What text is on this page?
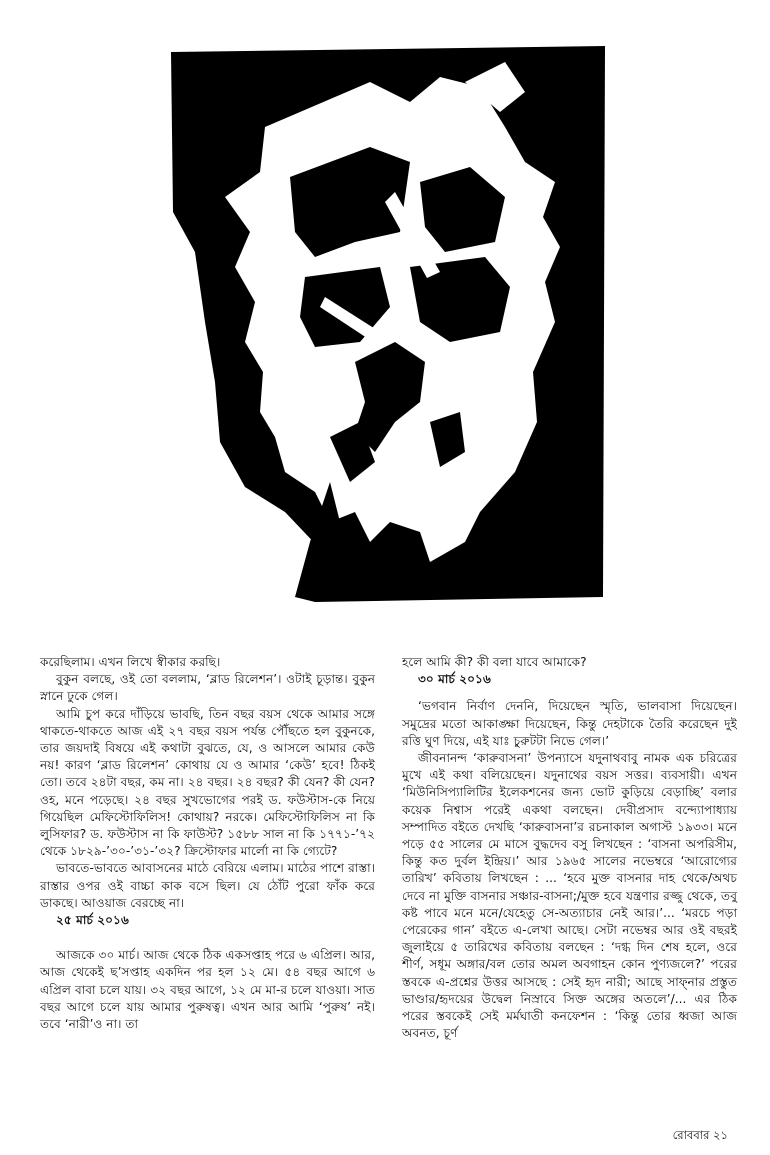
করেছিলাম। এখন লিখে স্বীকার করছি।

বুকুন বলছে, ওই তো বললাম, ‘ব্লাড রিলেশন’। ওটাই চূড়ান্ত। বুকুন স্নানে ঢুকে গেল।

আমি চুপ করে দাঁড়িয়ে ভাবছি, তিন বছর বয়স থেকে আমার সঙ্গে থাকতে-থাকতে আজ এই ২৭ বছর বয়স পর্যন্ত পৌঁছতে হল বুকুনকে, তার জয়দাই বিষয়ে এই কথাটা বুঝতে, যে, ও আসলে আমার কেউ নয়! কারণ ‘ব্লাড রিলেশন’ কোথায় যে ও আমার ‘কেউ’ হবে! ঠিকই তো। তবে ২৪টা বছর, কম না। ২৪ বছর। ২৪ বছর? কী যেন? কী যেন? ওহ, মনে পড়েছে। ২৪ বছর সুখভোগের পরই ড. ফউস্টাস-কে নিয়ে গিয়েছিল মেফিস্টোফিলিস! কোথায়? নরকে। মেফিস্টোফিলিস না কি লুসিফার? ড. ফউস্টাস না কি ফাউস্ট? ১৫৮৮ সাল না কি ১৭৭১-’৭২ থেকে ১৮২৯-’৩০-’৩১-’৩২? ক্রিস্টোফার মার্লো না কি গ্যেটে?

ভাবতে-ভাবতে আবাসনের মাঠে বেরিয়ে এলাম। মাঠের পাশে রাস্তা। রাস্তার ওপর ওই বাচ্চা কাক বসে ছিল। যে ঠোঁট পুরো ফাঁক করে ডাকছে। আওয়াজ বেরচ্ছে না।

২৫ মার্চ ২০১৬

আজকে ৩০ মার্চ। আজ থেকে ঠিক একসপ্তাহ পরে ৬ এপ্রিল। আর, আজ থেকেই ছ’সপ্তাহ একদিন পর হল ১২ মে। ৫৪ বছর আগে ৬ এপ্রিল বাবা চলে যায়। ৩২ বছর আগে, ১২ মে মা-র চলে যাওয়া। সাত বছর আগে চলে যায় আমার পুরুষত্ব। এখন আর আমি ‘পুরুষ’ নই। তবে ‘নারী’ও না। তা

হলে আমি কী? কী বলা যাবে আমাকে?

৩০ মার্চ ২০১৬

‘ভগবান নির্বাণ দেননি, দিয়েছেন স্মৃতি, ভালবাসা দিয়েছেন। সমুদ্রের মতো আকাঙ্ক্ষা দিয়েছেন, কিন্তু দেহটাকে তৈরি করেছেন দুই রত্তি ঘুণ দিয়ে, এই যাঃ চুরুটটা নিভে গেল।’

জীবনানন্দ ‘কারুবাসনা’ উপন্যাসে যদুনাথবাবু নামক এক চরিত্রের মুখে এই কথা বলিয়েছেন। যদুনাথের বয়স সত্তর। ব্যবসায়ী। এখন ‘মিউনিসিপ্যালিটির ইলেকশনের জন্য ভোট কুড়িয়ে বেড়াচ্ছি’ বলার কয়েক নিশ্বাস পরেই একথা বলছেন। দেবীপ্রসাদ বন্দ্যোপাধ্যায় সম্পাদিত বইতে দেখছি ‘কারুবাসনা’র রচনাকাল অগাস্ট ১৯৩৩। মনে পড়ে ৫৫ সালের মে মাসে বুদ্ধদেব বসু লিখছেন : ‘বাসনা অপরিসীম, কিন্তু কত দুর্বল ইন্দ্রিয়।’ আর ১৯৬৫ সালের নভেম্বরে ‘আরোগ্যের তারিখ’ কবিতায় লিখছেন : ... ‘হবে মুক্ত বাসনার দাহ থেকে/অথচ দেবে না মুক্তি বাসনার সঞ্চার-বাসনা;/মুক্ত হবে যন্ত্রণার রজ্জু থেকে, তবু কষ্ট পাবে মনে মনে/যেহেতু সে-অত্যাচার নেই আর।’... ‘মরচে পড়া পেরেকের গান’ বইতে এ-লেখা আছে। সেটা নভেম্বর আর ওই বছরই জুলাইয়ে ৫ তারিখের কবিতায় বলছেন : ‘দগ্ধ দিন শেষ হলে, ওরে শীর্ণ, সধূম অঙ্গার/বল তোর অমল অবগাহন কোন পুণ্যজলে?’ পরের স্তবকে এ-প্রশ্নের উত্তর আসছে : সেই হৃদ নারী; আছে সাফ্নার প্রস্তুত ভাণ্ডার/হৃদয়ের উদ্বেল নিস্রাবে সিক্ত অঙ্গের অতলে’/... এর ঠিক পরের স্তবকেই সেই মর্মঘাতী কনফেশন : ‘কিন্তু তোর ধ্বজা আজ অবনত, চূর্ণ

রোববার ২১
